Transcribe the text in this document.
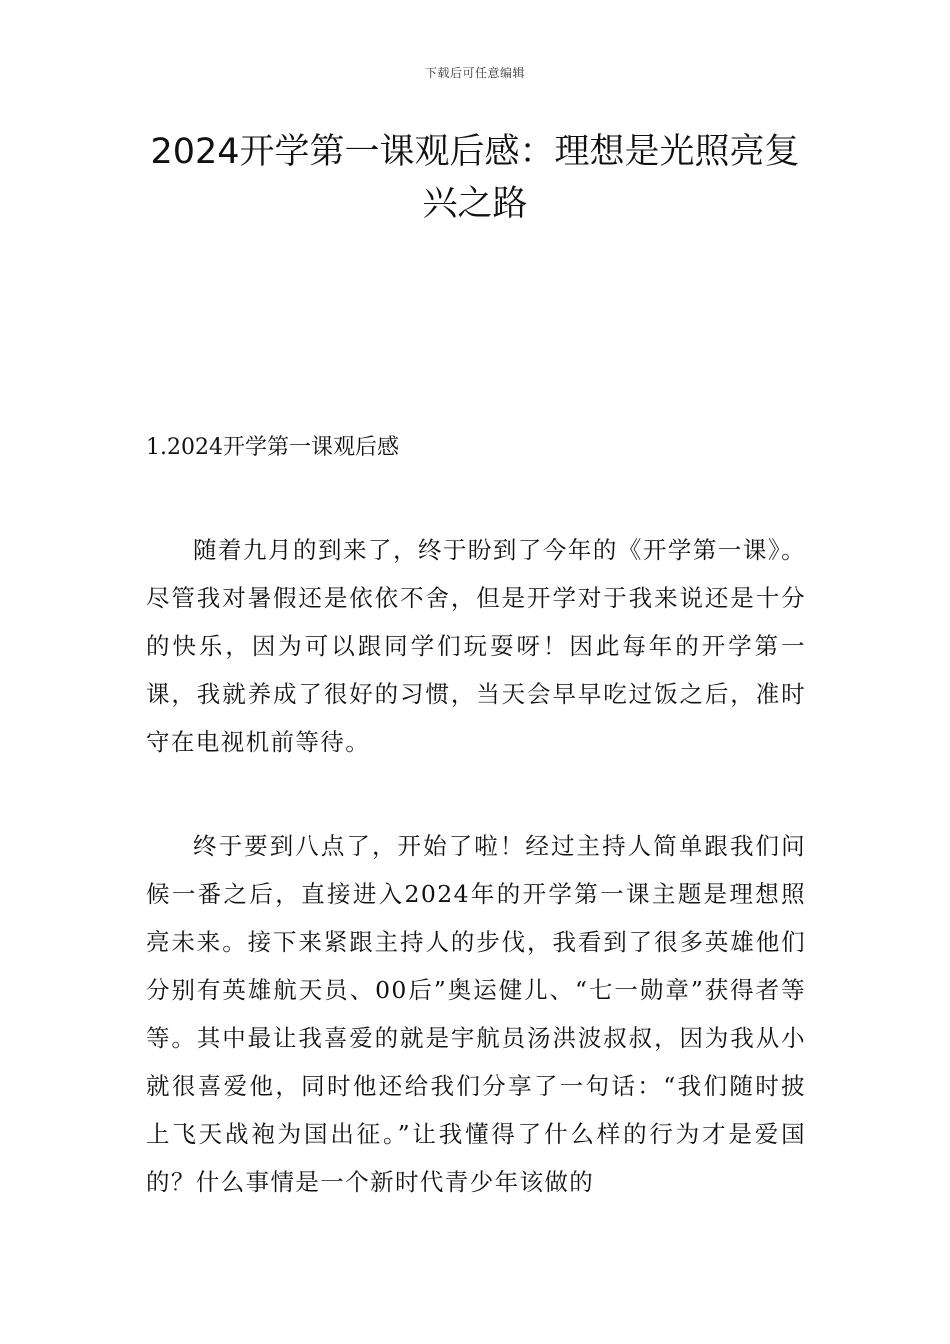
下载后可任意编辑
2024开学第一课观后感：理想是光照亮复兴之路
1.2024开学第一课观后感

随着九月的到来了，终于盼到了今年的《开学第一课》。尽管我对暑假还是依依不舍，但是开学对于我来说还是十分的快乐，因为可以跟同学们玩耍呀！因此每年的开学第一课，我就养成了很好的习惯，当天会早早吃过饭之后，准时守在电视机前等待。

终于要到八点了，开始了啦！经过主持人简单跟我们问候一番之后，直接进入2024年的开学第一课主题是理想照亮未来。接下来紧跟主持人的步伐，我看到了很多英雄他们分别有英雄航天员、00后”奥运健儿、“七一勋章”获得者等等。其中最让我喜爱的就是宇航员汤洪波叔叔，因为我从小就很喜爱他，同时他还给我们分享了一句话：“我们随时披上飞天战袍为国出征。”让我懂得了什么样的行为才是爱国的？什么事情是一个新时代青少年该做的
